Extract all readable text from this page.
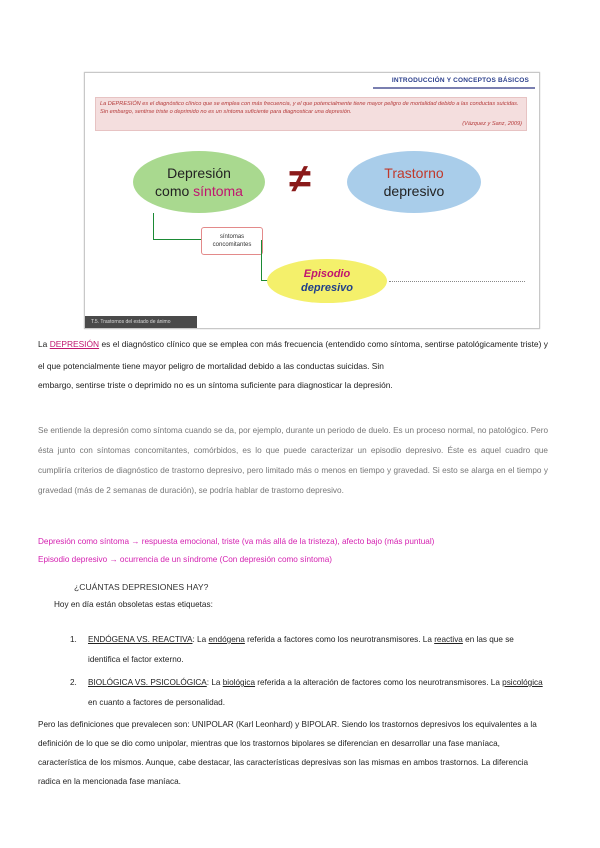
INTRODUCCIÓN Y CONCEPTOS BÁSICOS
La DEPRESIÓN es el diagnóstico clínico que se emplea con más frecuencia, y el que potencialmente tiene mayor peligro de mortalidad debido a las conductas suicidas. Sin embargo, sentirse triste o deprimido no es un síntoma suficiente para diagnosticar una depresión.
(Vázquez y Sanz, 2009)
Depresión
como síntoma ≠	Trastorno
depresivo
síntomas
concomitantes
Episodio
depresivo
T.5. Trastornos del estado de ánimo
La DEPRESIÓN es el diagnóstico clínico que se emplea con más frecuencia (entendido como síntoma, sentirse patológicamente triste) y el que potencialmente tiene mayor peligro de mortalidad debido a las conductas suicidas. Sin
embargo, sentirse triste o deprimido no es un síntoma suficiente para diagnosticar la depresión.
Se entiende la depresión como síntoma cuando se da, por ejemplo, durante un periodo de duelo. Es un proceso normal, no patológico. Pero ésta junto con síntomas concomitantes, comórbidos, es lo que puede caracterizar un episodio depresivo. Éste es aquel cuadro que cumpliría criterios de diagnóstico de trastorno depresivo, pero limitado más o menos en tiempo y gravedad. Si esto se alarga en el tiempo y gravedad (más de 2 semanas de duración), se podría hablar de trastorno depresivo.
Depresión como síntoma → respuesta emocional, triste (va más allá de la tristeza), afecto bajo (más puntual)
Episodio depresivo → ocurrencia de un síndrome (Con depresión como síntoma)
¿CUÁNTAS DEPRESIONES HAY?
Hoy en día están obsoletas estas etiquetas:
1. ENDÓGENA VS. REACTIVA: La endógena referida a factores como los neurotransmisores. La reactiva en las que se identifica el factor externo.
2. BIOLÓGICA VS. PSICOLÓGICA: La biológica referida a la alteración de factores como los neurotransmisores. La psicológica en cuanto a factores de personalidad.
Pero las definiciones que prevalecen son: UNIPOLAR (Karl Leonhard) y BIPOLAR. Siendo los trastornos depresivos los equivalentes a la definición de lo que se dio como unipolar, mientras que los trastornos bipolares se diferencian en desarrollar una fase maníaca, característica de los mismos. Aunque, cabe destacar, las características depresivas son las mismas en ambos trastornos. La diferencia radica en la mencionada fase maníaca.
